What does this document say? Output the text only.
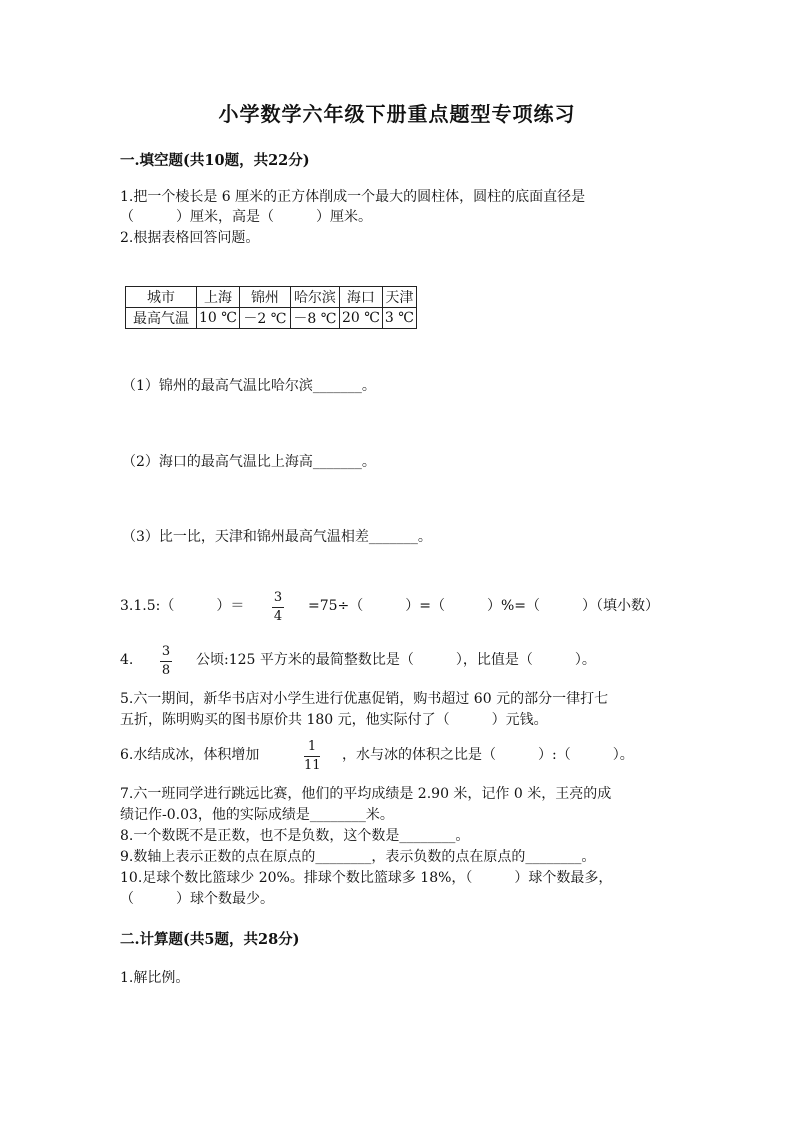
小学数学六年级下册重点题型专项练习
一.填空题(共10题，共22分)
1.把一个棱长是 6 厘米的正方体削成一个最大的圆柱体，圆柱的底面直径是
（　　　）厘米，高是（　　　）厘米。
2.根据表格回答问题。
城市	上海	锦州	哈尔滨	海口	天津
最高气温	10 ℃	－2 ℃	－8 ℃	20 ℃	3 ℃
（1）锦州的最高气温比哈尔滨_______。
（2）海口的最高气温比上海高_______。
（3）比一比，天津和锦州最高气温相差_______。
3.1.5:（　　　）＝
3
4
=75÷（　　　）=（　　　）%=（　　　）（填小数）
4.
3
8
公顷:125 平方米的最简整数比是（　　　），比值是（　　　）。
5.六一期间，新华书店对小学生进行优惠促销，购书超过 60 元的部分一律打七
五折，陈明购买的图书原价共 180 元，他实际付了（　　　）元钱。
6.水结成冰，体积增加
1
11
，水与冰的体积之比是（　　　）:（　　　）。
7.六一班同学进行跳远比赛，他们的平均成绩是 2.90 米，记作 0 米，王亮的成
绩记作-0.03，他的实际成绩是________米。
8.一个数既不是正数，也不是负数，这个数是________。
9.数轴上表示正数的点在原点的________，表示负数的点在原点的________。
10.足球个数比篮球少 20%。排球个数比篮球多 18%，（　　　）球个数最多，
（　　　）球个数最少。
二.计算题(共5题，共28分)
1.解比例。
